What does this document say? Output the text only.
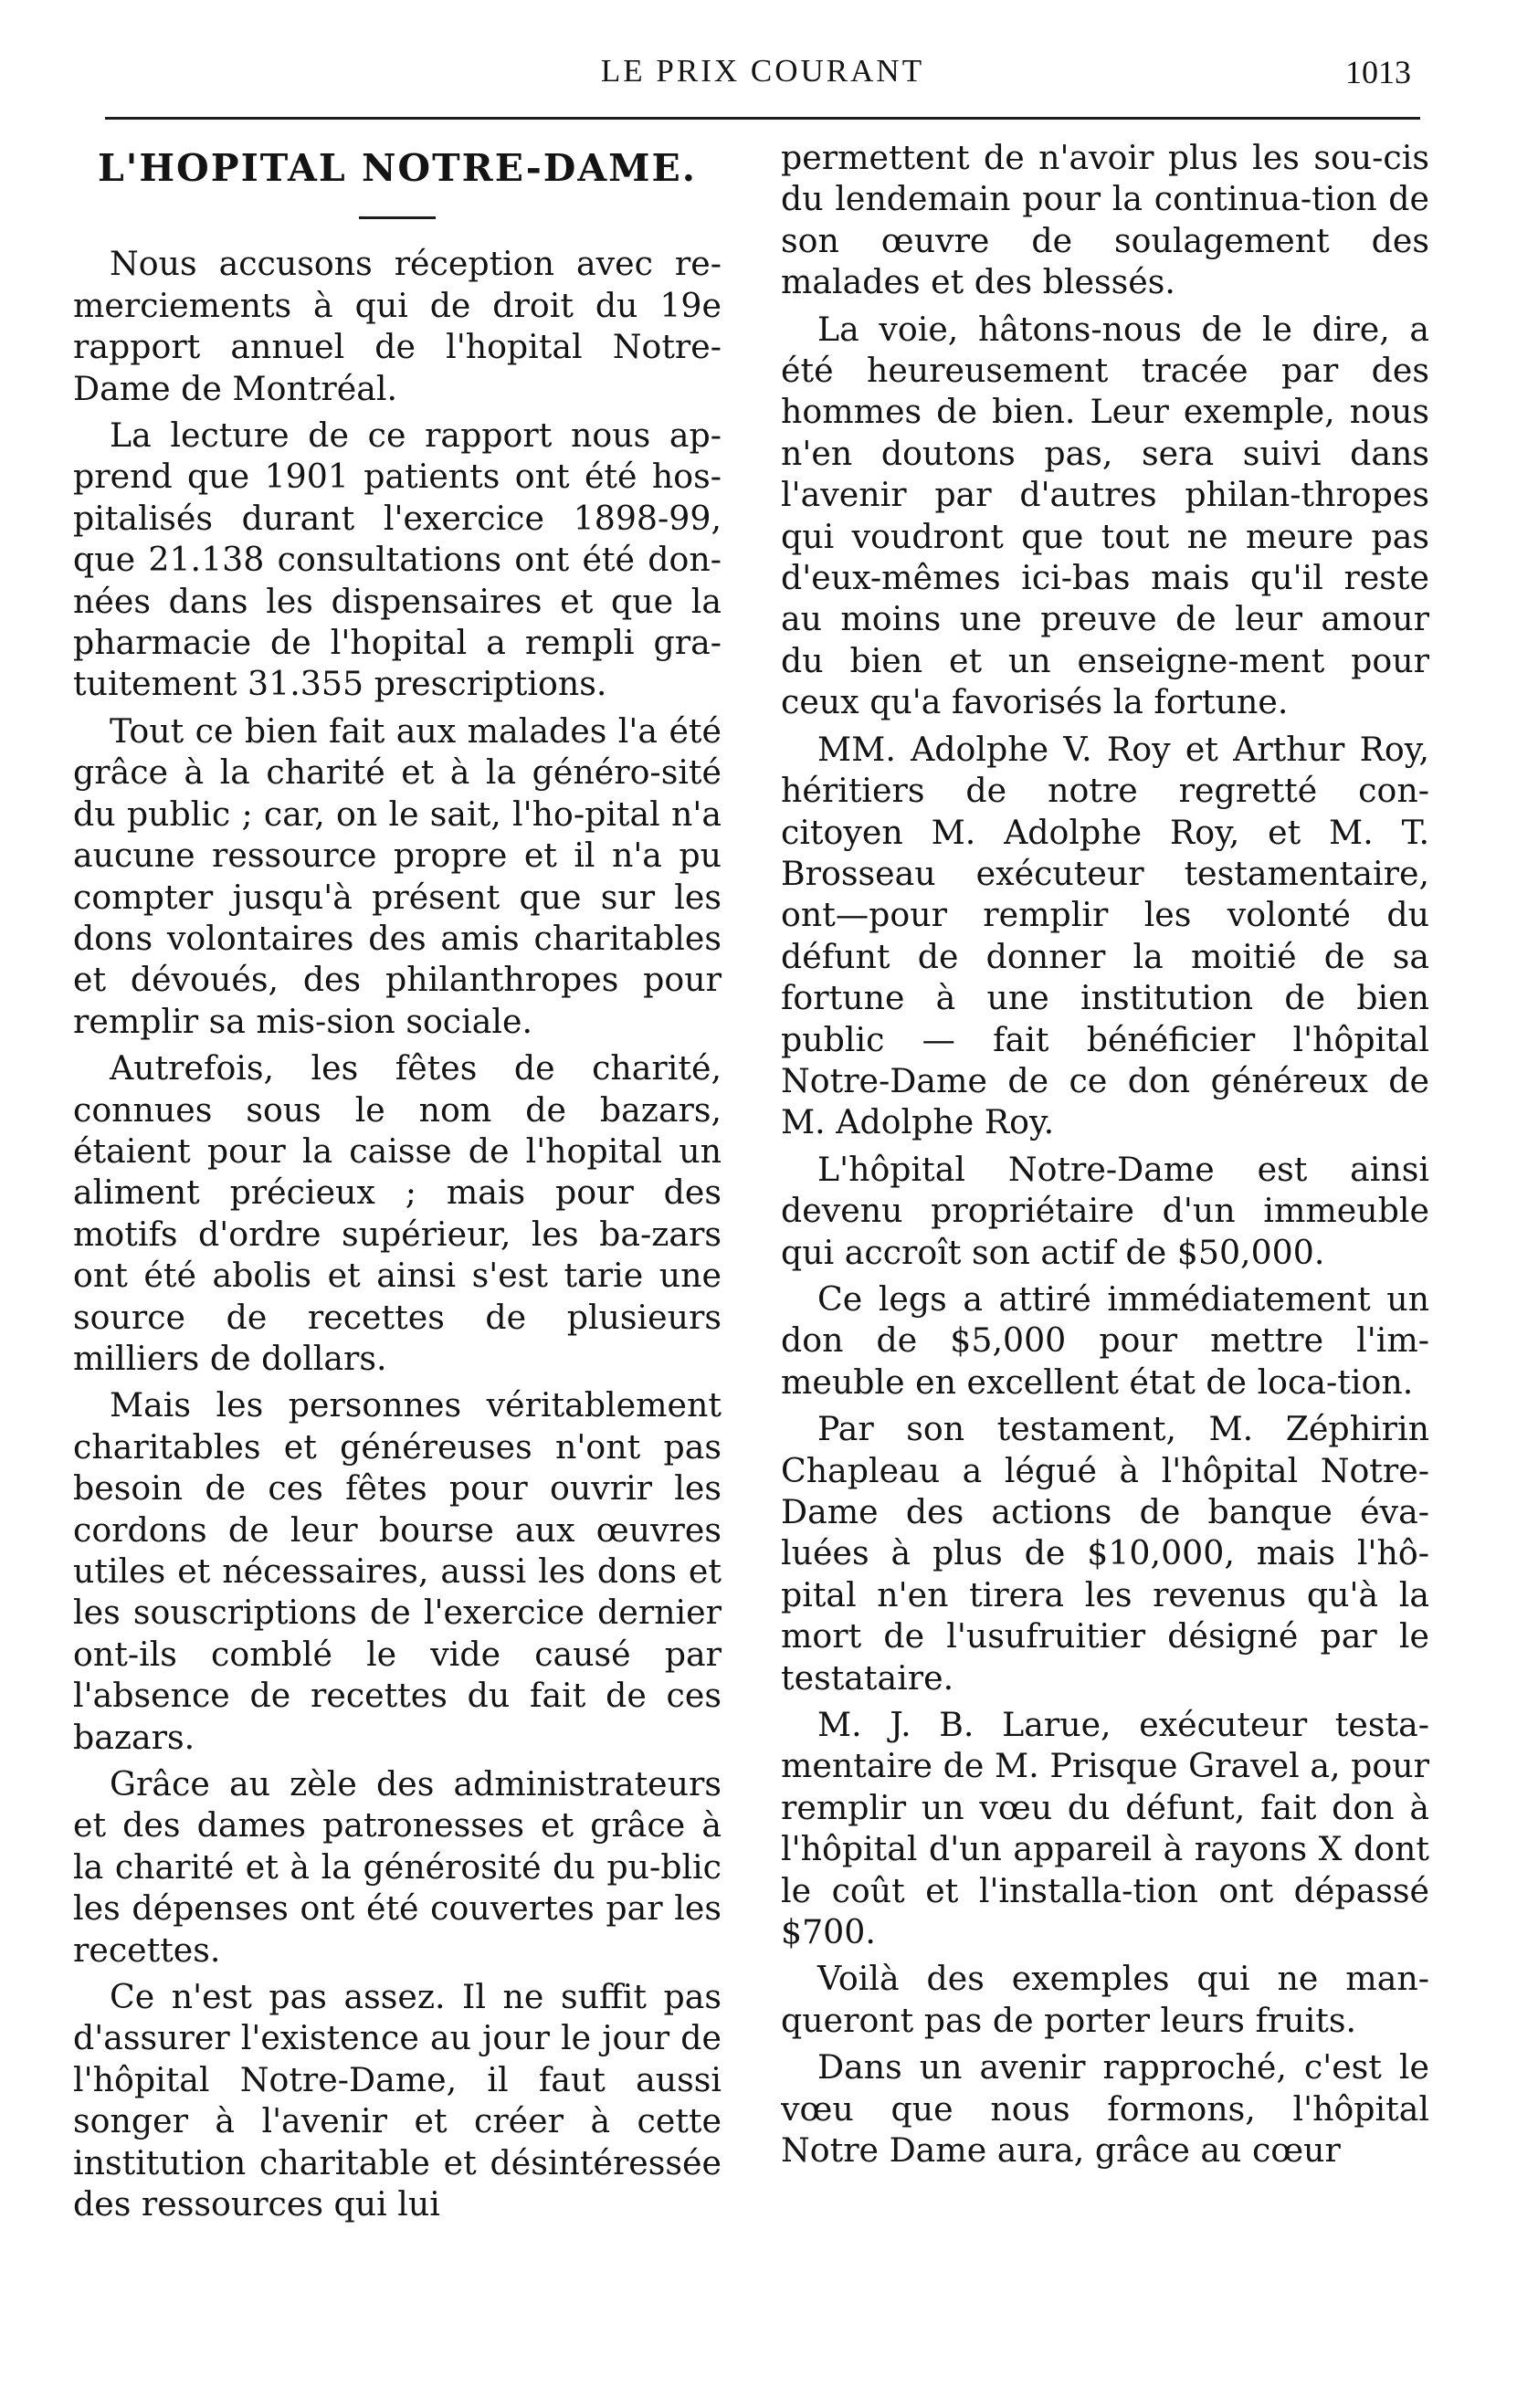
LE PRIX COURANT	1013
L'HOPITAL NOTRE-DAME.

Nous accusons réception avec re-merciements à qui de droit du 19e rapport annuel de l'hopital Notre-Dame de Montréal.

La lecture de ce rapport nous ap-prend que 1901 patients ont été hos-pitalisés durant l'exercice 1898-99, que 21.138 consultations ont été don-nées dans les dispensaires et que la pharmacie de l'hopital a rempli gra-tuitement 31.355 prescriptions.

Tout ce bien fait aux malades l'a été grâce à la charité et à la généro-sité du public ; car, on le sait, l'ho-pital n'a aucune ressource propre et il n'a pu compter jusqu'à présent que sur les dons volontaires des amis charitables et dévoués, des philanthropes pour remplir sa mis-sion sociale.

Autrefois, les fêtes de charité, connues sous le nom de bazars, étaient pour la caisse de l'hopital un aliment précieux ; mais pour des motifs d'ordre supérieur, les ba-zars ont été abolis et ainsi s'est tarie une source de recettes de plusieurs milliers de dollars.

Mais les personnes véritablement charitables et généreuses n'ont pas besoin de ces fêtes pour ouvrir les cordons de leur bourse aux œuvres utiles et nécessaires, aussi les dons et les souscriptions de l'exercice dernier ont-ils comblé le vide causé par l'absence de recettes du fait de ces bazars.

Grâce au zèle des administrateurs et des dames patronesses et grâce à la charité et à la générosité du pu-blic les dépenses ont été couvertes par les recettes.

Ce n'est pas assez. Il ne suffit pas d'assurer l'existence au jour le jour de l'hôpital Notre-Dame, il faut aussi songer à l'avenir et créer à cette institution charitable et désintéressée des ressources qui lui

permettent de n'avoir plus les sou-cis du lendemain pour la continua-tion de son œuvre de soulagement des malades et des blessés.

La voie, hâtons-nous de le dire, a été heureusement tracée par des hommes de bien. Leur exemple, nous n'en doutons pas, sera suivi dans l'avenir par d'autres philan-thropes qui voudront que tout ne meure pas d'eux-mêmes ici-bas mais qu'il reste au moins une preuve de leur amour du bien et un enseigne-ment pour ceux qu'a favorisés la fortune.

MM. Adolphe V. Roy et Arthur Roy, héritiers de notre regretté con-citoyen M. Adolphe Roy, et M. T. Brosseau exécuteur testamentaire, ont—pour remplir les volonté du défunt de donner la moitié de sa fortune à une institution de bien public — fait bénéficier l'hôpital Notre-Dame de ce don généreux de M. Adolphe Roy.

L'hôpital Notre-Dame est ainsi devenu propriétaire d'un immeuble qui accroît son actif de $50,000.

Ce legs a attiré immédiatement un don de $5,000 pour mettre l'im-meuble en excellent état de loca-tion.

Par son testament, M. Zéphirin Chapleau a légué à l'hôpital Notre-Dame des actions de banque éva-luées à plus de $10,000, mais l'hô-pital n'en tirera les revenus qu'à la mort de l'usufruitier désigné par le testataire.

M. J. B. Larue, exécuteur testa-mentaire de M. Prisque Gravel a, pour remplir un vœu du défunt, fait don à l'hôpital d'un appareil à rayons X dont le coût et l'installa-tion ont dépassé $700.

Voilà des exemples qui ne man-queront pas de porter leurs fruits.

Dans un avenir rapproché, c'est le vœu que nous formons, l'hôpital Notre Dame aura, grâce au cœur
